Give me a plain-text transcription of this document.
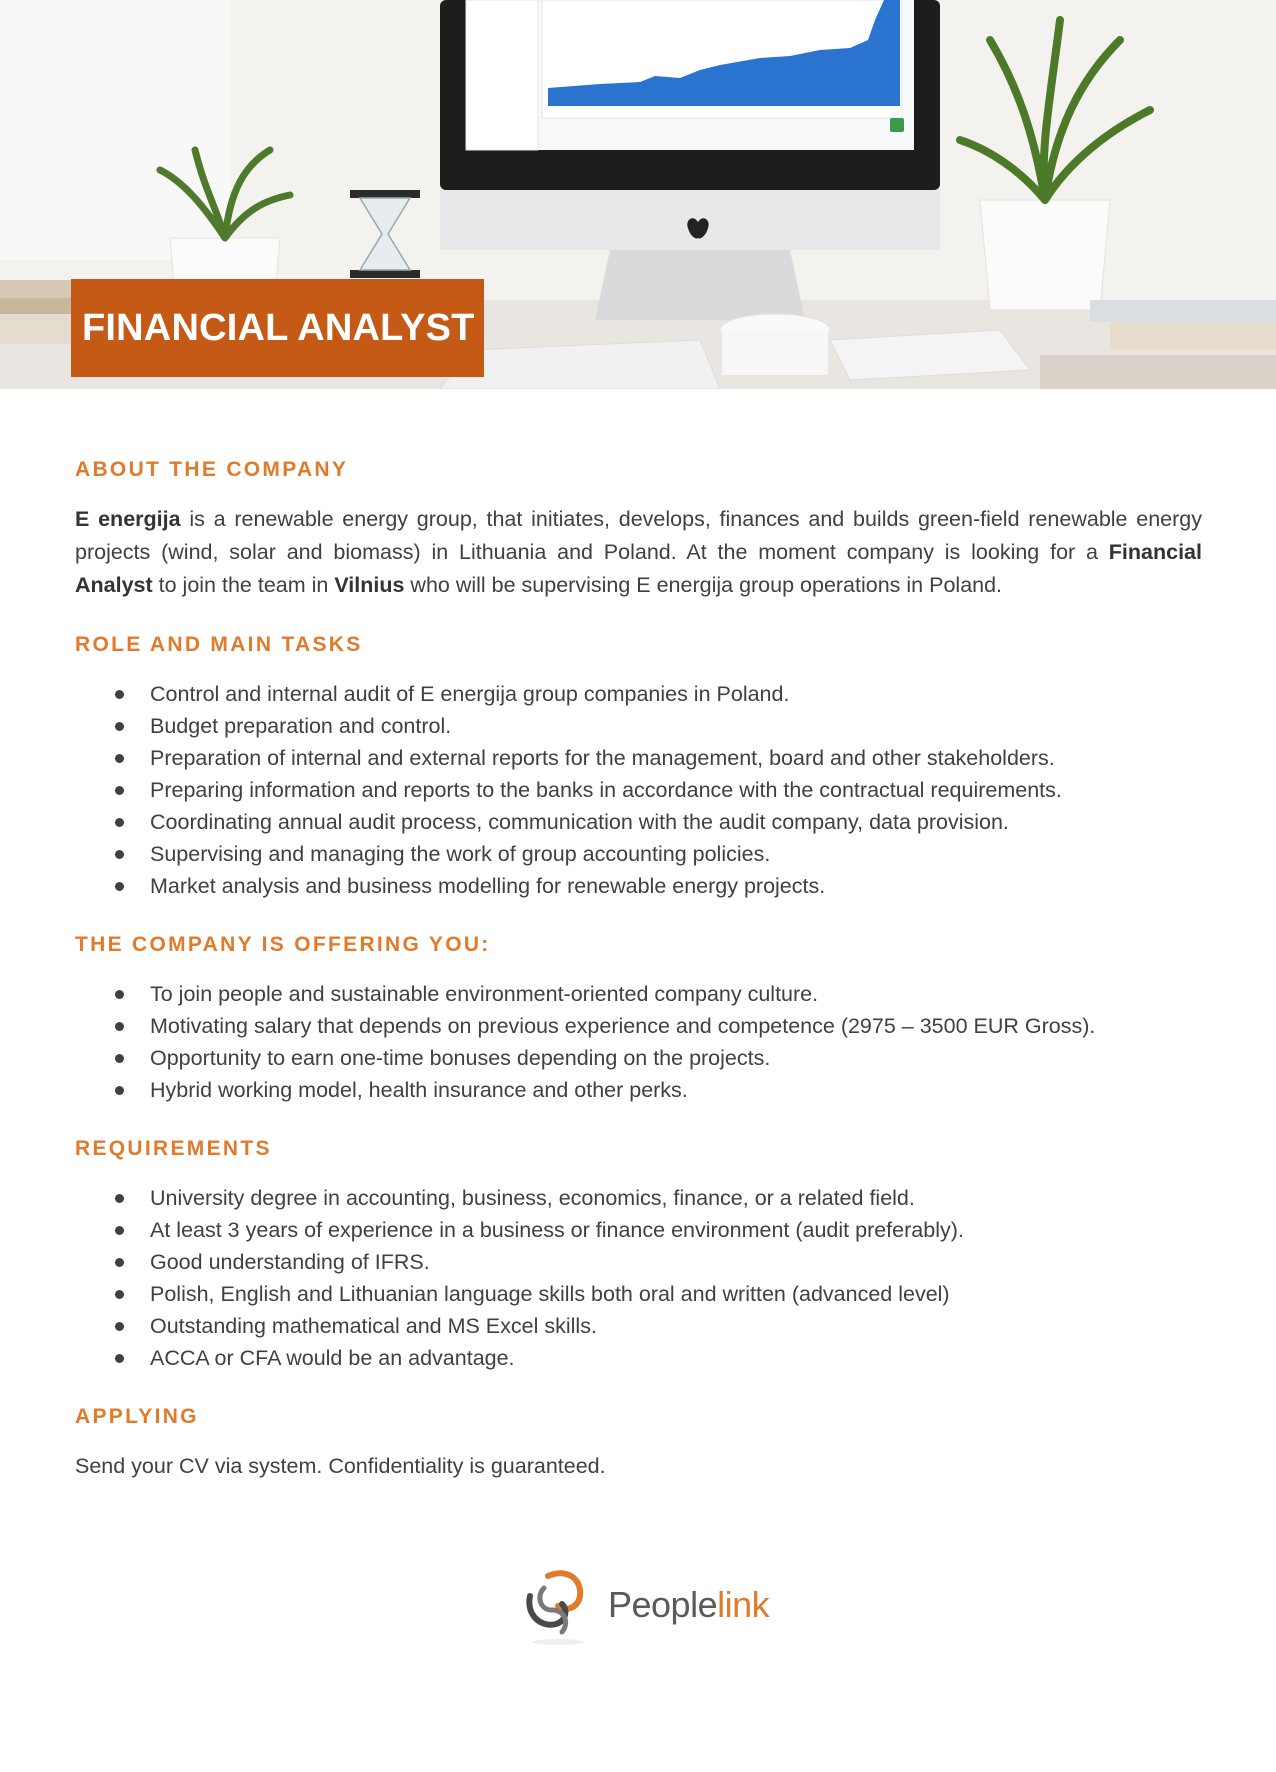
FINANCIAL ANALYST
ABOUT THE COMPANY

E energija is a renewable energy group, that initiates, develops, finances and builds green-field renewable energy projects (wind, solar and biomass) in Lithuania and Poland. At the moment company is looking for a Financial Analyst to join the team in Vilnius who will be supervising E energija group operations in Poland.

ROLE AND MAIN TASKS
Control and internal audit of E energija group companies in Poland.
Budget preparation and control.
Preparation of internal and external reports for the management, board and other stakeholders.
Preparing information and reports to the banks in accordance with the contractual requirements.
Coordinating annual audit process, communication with the audit company, data provision.
Supervising and managing the work of group accounting policies.
Market analysis and business modelling for renewable energy projects.
THE COMPANY IS OFFERING YOU:
To join people and sustainable environment-oriented company culture.
Motivating salary that depends on previous experience and competence (2975 – 3500 EUR Gross).
Opportunity to earn one-time bonuses depending on the projects.
Hybrid working model, health insurance and other perks.
REQUIREMENTS
University degree in accounting, business, economics, finance, or a related field.
At least 3 years of experience in a business or finance environment (audit preferably).
Good understanding of IFRS.
Polish, English and Lithuanian language skills both oral and written (advanced level)
Outstanding mathematical and MS Excel skills.
ACCA or CFA would be an advantage.
APPLYING

Send your CV via system. Confidentiality is guaranteed.

Peoplelink
